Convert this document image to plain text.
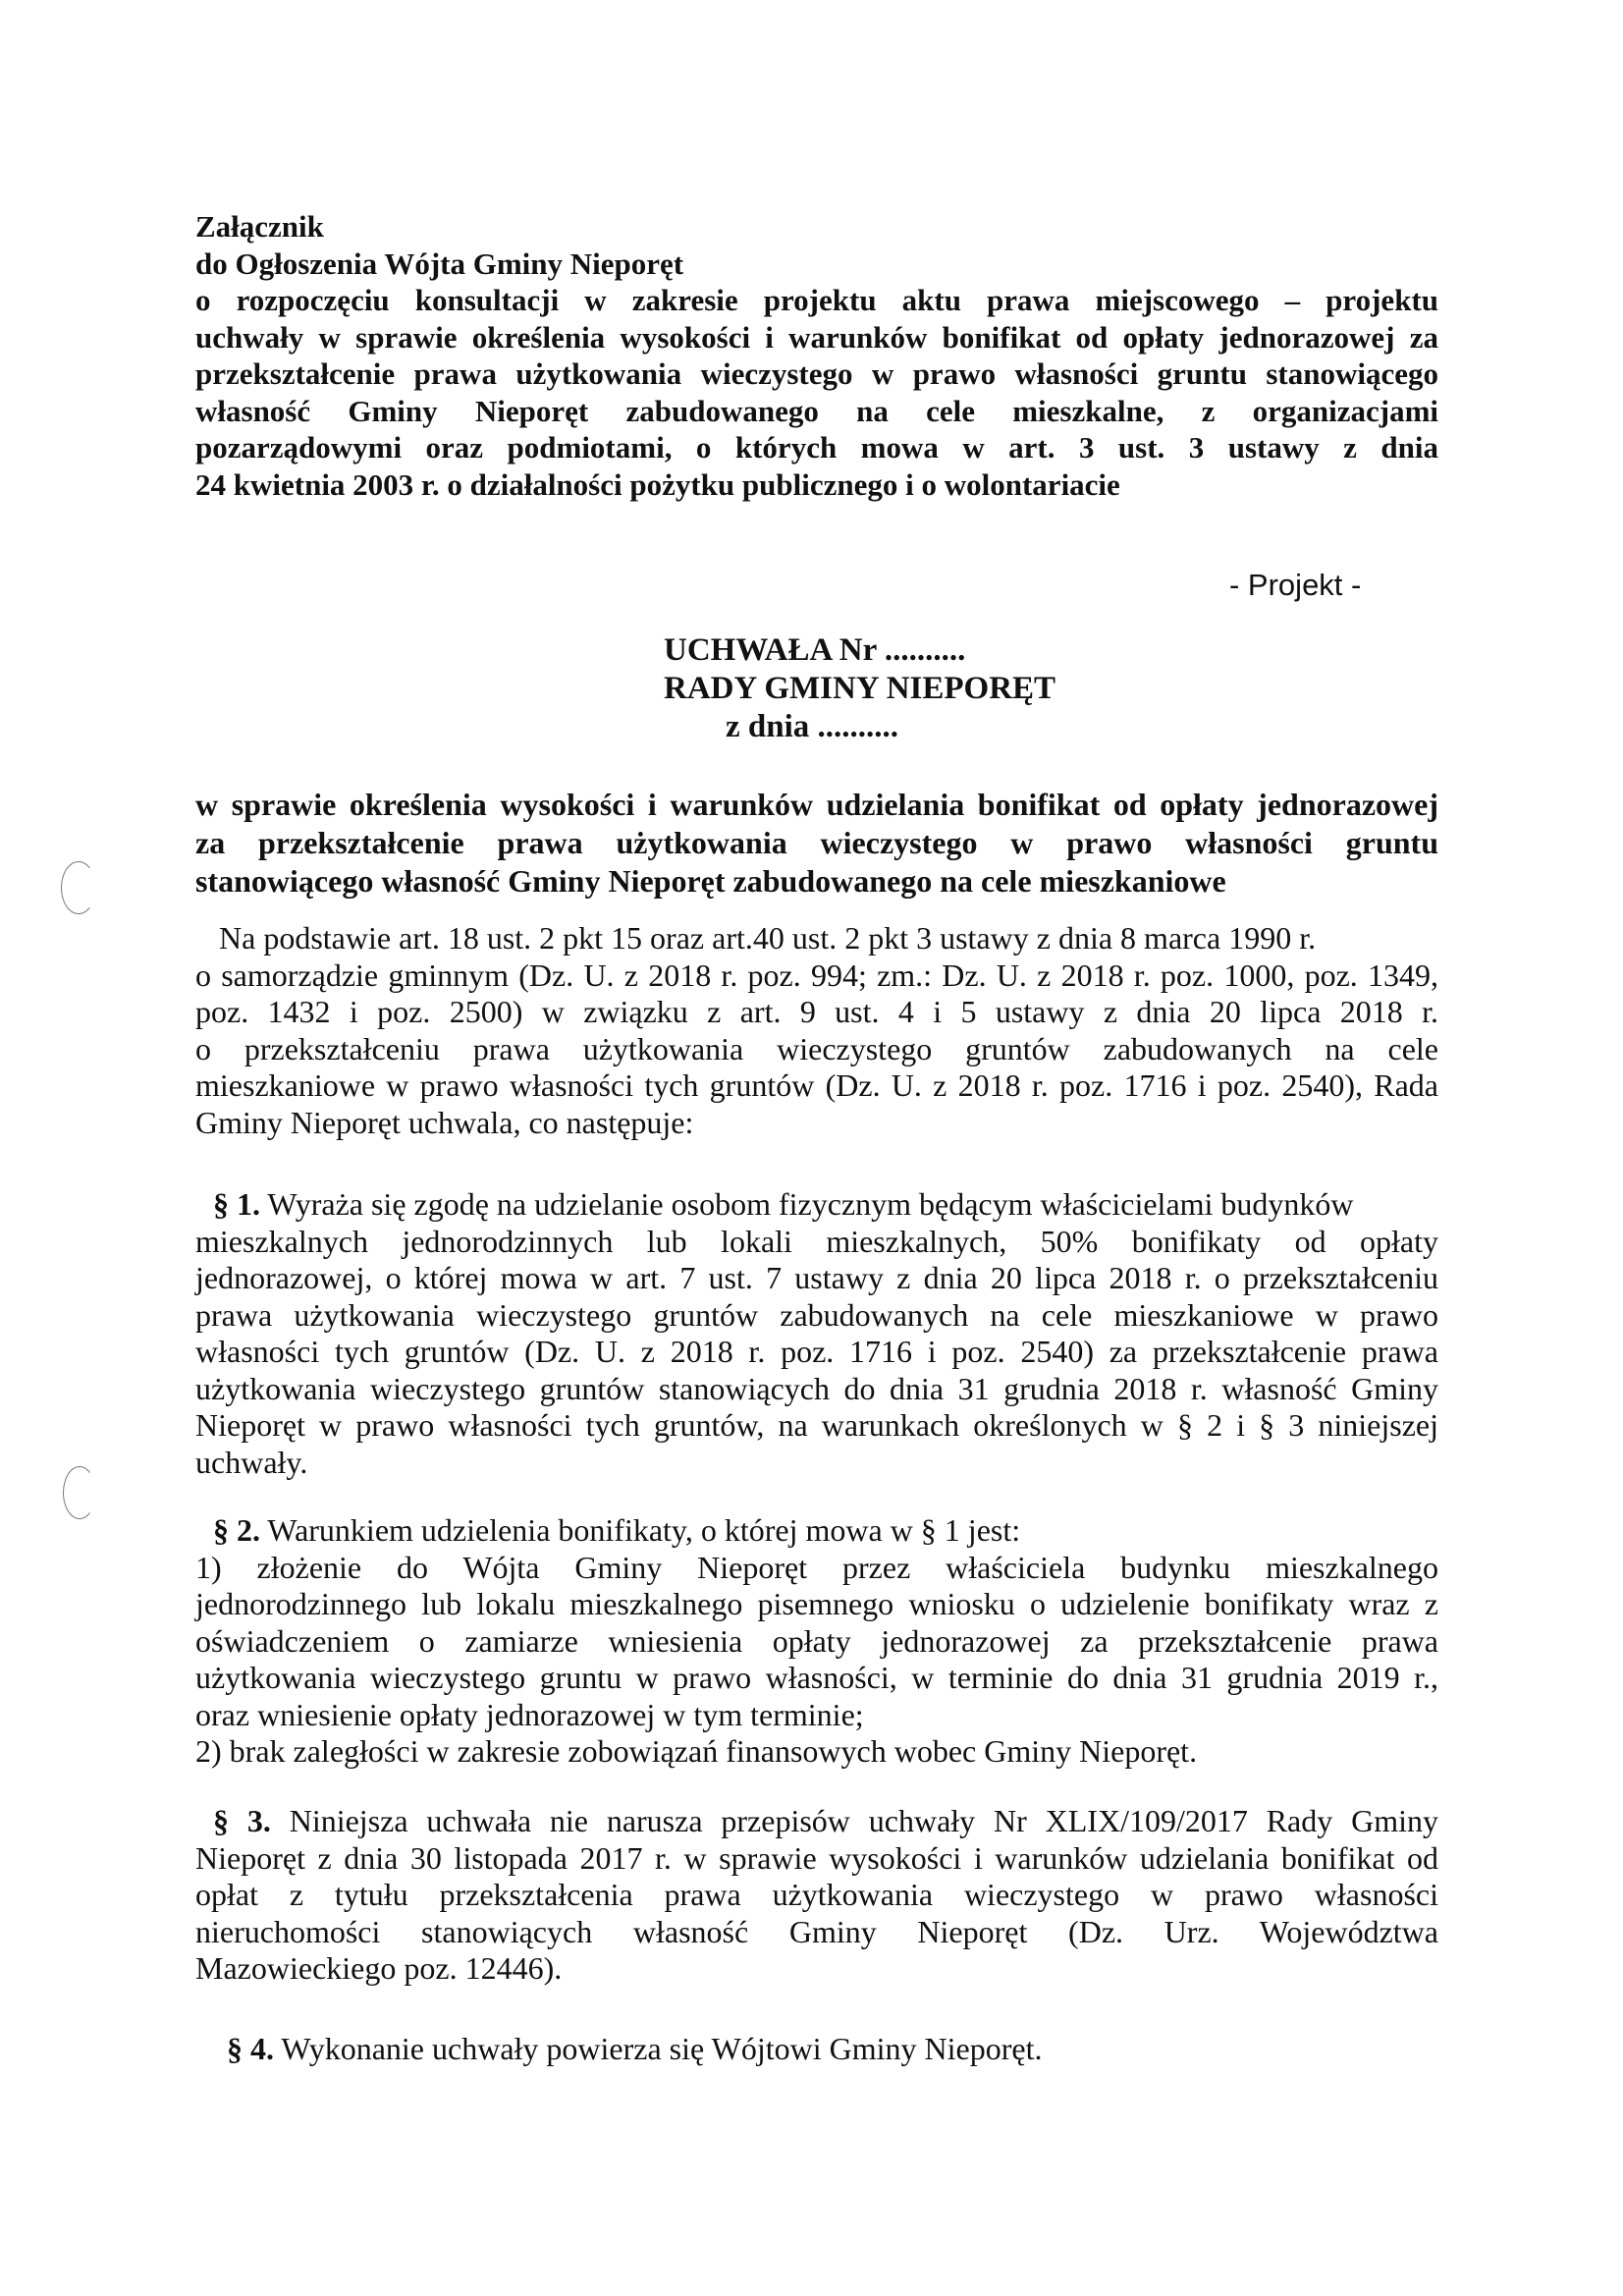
Załącznik
do Ogłoszenia Wójta Gminy Nieporęt
o rozpoczęciu konsultacji w zakresie projektu aktu prawa miejscowego – projektu
uchwały w sprawie określenia wysokości i warunków bonifikat od opłaty jednorazowej za
przekształcenie prawa użytkowania wieczystego w prawo własności gruntu stanowiącego
własność Gminy Nieporęt zabudowanego na cele mieszkalne, z organizacjami
pozarządowymi oraz podmiotami, o których mowa w art. 3 ust. 3 ustawy z dnia
24 kwietnia 2003 r. o działalności pożytku publicznego i o wolontariacie
- Projekt -
UCHWAŁA Nr ..........
RADY GMINY NIEPORĘT
z dnia ..........
w sprawie określenia wysokości i warunków udzielania bonifikat od opłaty jednorazowej
za przekształcenie prawa użytkowania wieczystego w prawo własności gruntu
stanowiącego własność Gminy Nieporęt zabudowanego na cele mieszkaniowe
Na podstawie art. 18 ust. 2 pkt 15 oraz art.40 ust. 2 pkt 3 ustawy z dnia 8 marca 1990 r.
o samorządzie gminnym (Dz. U. z 2018 r. poz. 994; zm.: Dz. U. z 2018 r. poz. 1000, poz. 1349,
poz. 1432 i poz. 2500) w związku z art. 9 ust. 4 i 5 ustawy z dnia 20 lipca 2018 r.
o przekształceniu prawa użytkowania wieczystego gruntów zabudowanych na cele
mieszkaniowe w prawo własności tych gruntów (Dz. U. z 2018 r. poz. 1716 i poz. 2540), Rada
Gminy Nieporęt uchwala, co następuje:
§ 1. Wyraża się zgodę na udzielanie osobom fizycznym będącym właścicielami budynków
mieszkalnych jednorodzinnych lub lokali mieszkalnych, 50% bonifikaty od opłaty
jednorazowej, o której mowa w art. 7 ust. 7 ustawy z dnia 20 lipca 2018 r. o przekształceniu
prawa użytkowania wieczystego gruntów zabudowanych na cele mieszkaniowe w prawo
własności tych gruntów (Dz. U. z 2018 r. poz. 1716 i poz. 2540) za przekształcenie prawa
użytkowania wieczystego gruntów stanowiących do dnia 31 grudnia 2018 r. własność Gminy
Nieporęt w prawo własności tych gruntów, na warunkach określonych w § 2 i § 3 niniejszej
uchwały.
§ 2. Warunkiem udzielenia bonifikaty, o której mowa w § 1 jest:
1) złożenie do Wójta Gminy Nieporęt przez właściciela budynku mieszkalnego
jednorodzinnego lub lokalu mieszkalnego pisemnego wniosku o udzielenie bonifikaty wraz z
oświadczeniem o zamiarze wniesienia opłaty jednorazowej za przekształcenie prawa
użytkowania wieczystego gruntu w prawo własności, w terminie do dnia 31 grudnia 2019 r.,
oraz wniesienie opłaty jednorazowej w tym terminie;
2) brak zaległości w zakresie zobowiązań finansowych wobec Gminy Nieporęt.
§ 3. Niniejsza uchwała nie narusza przepisów uchwały Nr XLIX/109/2017 Rady Gminy
Nieporęt z dnia 30 listopada 2017 r. w sprawie wysokości i warunków udzielania bonifikat od
opłat z tytułu przekształcenia prawa użytkowania wieczystego w prawo własności
nieruchomości stanowiących własność Gminy Nieporęt (Dz. Urz. Województwa
Mazowieckiego poz. 12446).
§ 4. Wykonanie uchwały powierza się Wójtowi Gminy Nieporęt.
